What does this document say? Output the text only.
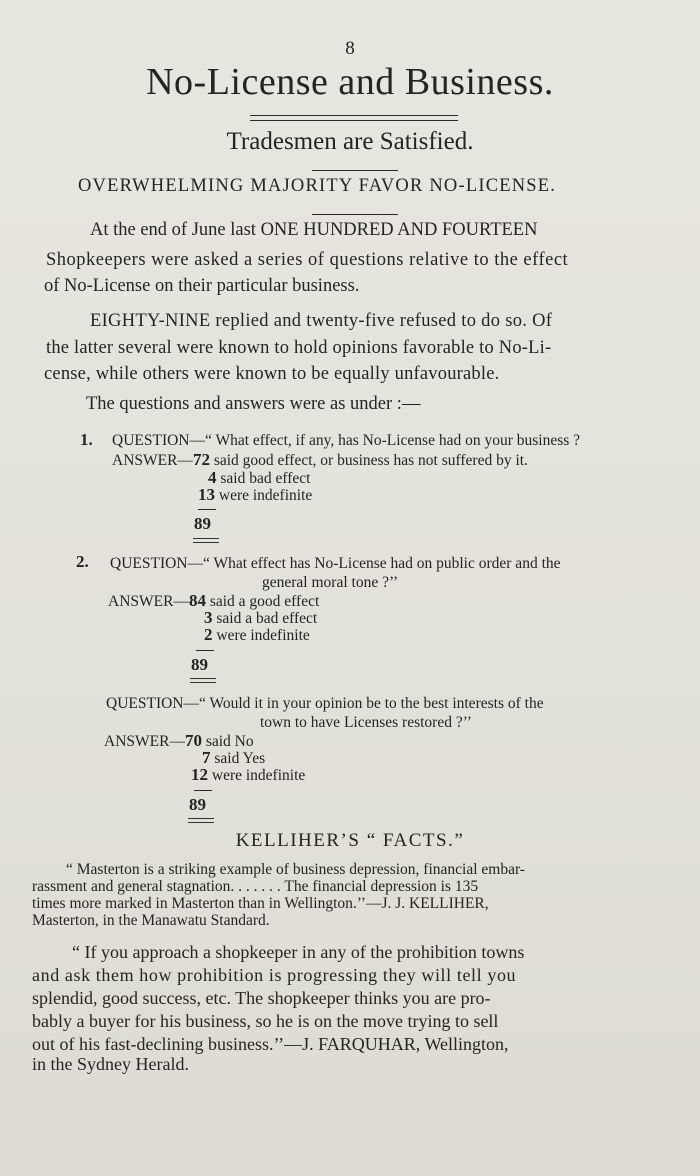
8
No-License and Business.
Tradesmen are Satisfied.
OVERWHELMING MAJORITY FAVOR NO-LICENSE.
At the end of June last ONE HUNDRED AND FOURTEEN
Shopkeepers were asked a series of questions relative to the effect
of No-License on their particular business.
EIGHTY-NINE replied and twenty-five refused to do so. Of
the latter several were known to hold opinions favorable to No-Li-
cense, while others were known to be equally unfavourable.
The questions and answers were as under :—
1. QUESTION—“ What effect, if any, has No-License had on your business ?
ANSWER—72 said good effect, or business has not suffered by it.
4 said bad effect
13 were indefinite
89
2. QUESTION—“ What effect has No-License had on public order and the
general moral tone ?’’
ANSWER—84 said a good effect
3 said a bad effect
2 were indefinite
89
QUESTION—“ Would it in your opinion be to the best interests of the
town to have Licenses restored ?’’
ANSWER—70 said No
7 said Yes
12 were indefinite
89
KELLIHER’S “ FACTS.”
“ Masterton is a striking example of business depression, financial embar-
rassment and general stagnation. . . . . . . The financial depression is 135
times more marked in Masterton than in Wellington.’’—J. J. KELLIHER,
Masterton, in the Manawatu Standard.
“ If you approach a shopkeeper in any of the prohibition towns
and ask them how prohibition is progressing they will tell you
splendid, good success, etc. The shopkeeper thinks you are pro-
bably a buyer for his business, so he is on the move trying to sell
out of his fast-declining business.’’—J. FARQUHAR, Wellington,
in the Sydney Herald.
